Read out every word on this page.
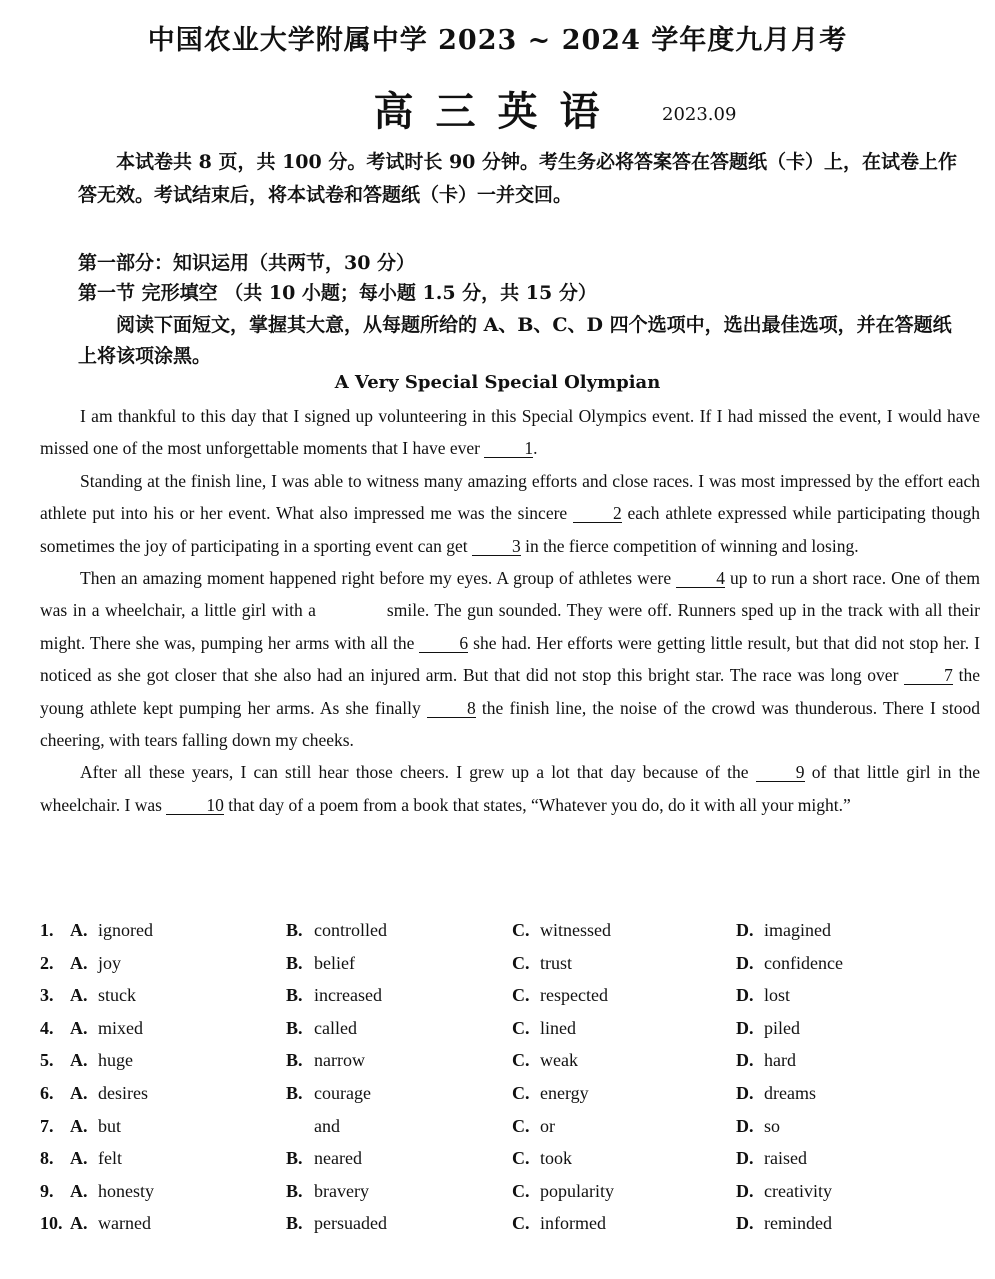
中国农业大学附属中学 2023 ~ 2024 学年度九月月考
高三英语	2023.09
本试卷共 8 页，共 100 分。考试时长 90 分钟。考生务必将答案答在答题纸（卡）上，在试卷上作答无效。考试结束后，将本试卷和答题纸（卡）一并交回。
第一部分：知识运用（共两节，30 分）
第一节 完形填空 （共 10 小题；每小题 1.5 分，共 15 分）
阅读下面短文，掌握其大意，从每题所给的 A、B、C、D 四个选项中，选出最佳选项，并在答题纸上将该项涂黑。
A Very Special Special Olympian

I am thankful to this day that I signed up volunteering in this Special Olympics event. If I had missed the event, I would have missed one of the most unforgettable moments that I have ever 1.

Standing at the finish line, I was able to witness many amazing efforts and close races. I was most impressed by the effort each athlete put into his or her event. What also impressed me was the sincere 2 each athlete expressed while participating though sometimes the joy of participating in a sporting event can get 3 in the fierce competition of winning and losing.

Then an amazing moment happened right before my eyes. A group of athletes were 4 up to run a short race. One of them was in a wheelchair, a little girl with a	smile. The gun sounded. They were off. Runners sped up in the track with all their might. There she was, pumping her arms with all the 6 she had. Her efforts were getting little result, but that did not stop her. I noticed as she got closer that she also had an injured arm. But that did not stop this bright star. The race was long over 7 the young athlete kept pumping her arms. As she finally 8 the finish line, the noise of the crowd was thunderous. There I stood cheering, with tears falling down my cheeks.

After all these years, I can still hear those cheers. I grew up a lot that day because of the 9 of that little girl in the wheelchair. I was 10 that day of a poem from a book that states, “Whatever you do, do it with all your might.”

1. A. ignored	B. controlled	C. witnessed	D. imagined
2. A. joy	B. belief	C. trust	D. confidence
3. A. stuck	B. increased	C. respected	D. lost
4. A. mixed	B. called	C. lined	D. piled
5. A. huge	B. narrow	C. weak	D. hard
6. A. desires	B. courage	C. energy	D. dreams
7. A. but	and	C. or	D. so
8. A. felt	B. neared	C. took	D. raised
9. A. honesty	B. bravery	C. popularity	D. creativity
10. A. warned	B. persuaded	C. informed	D. reminded
